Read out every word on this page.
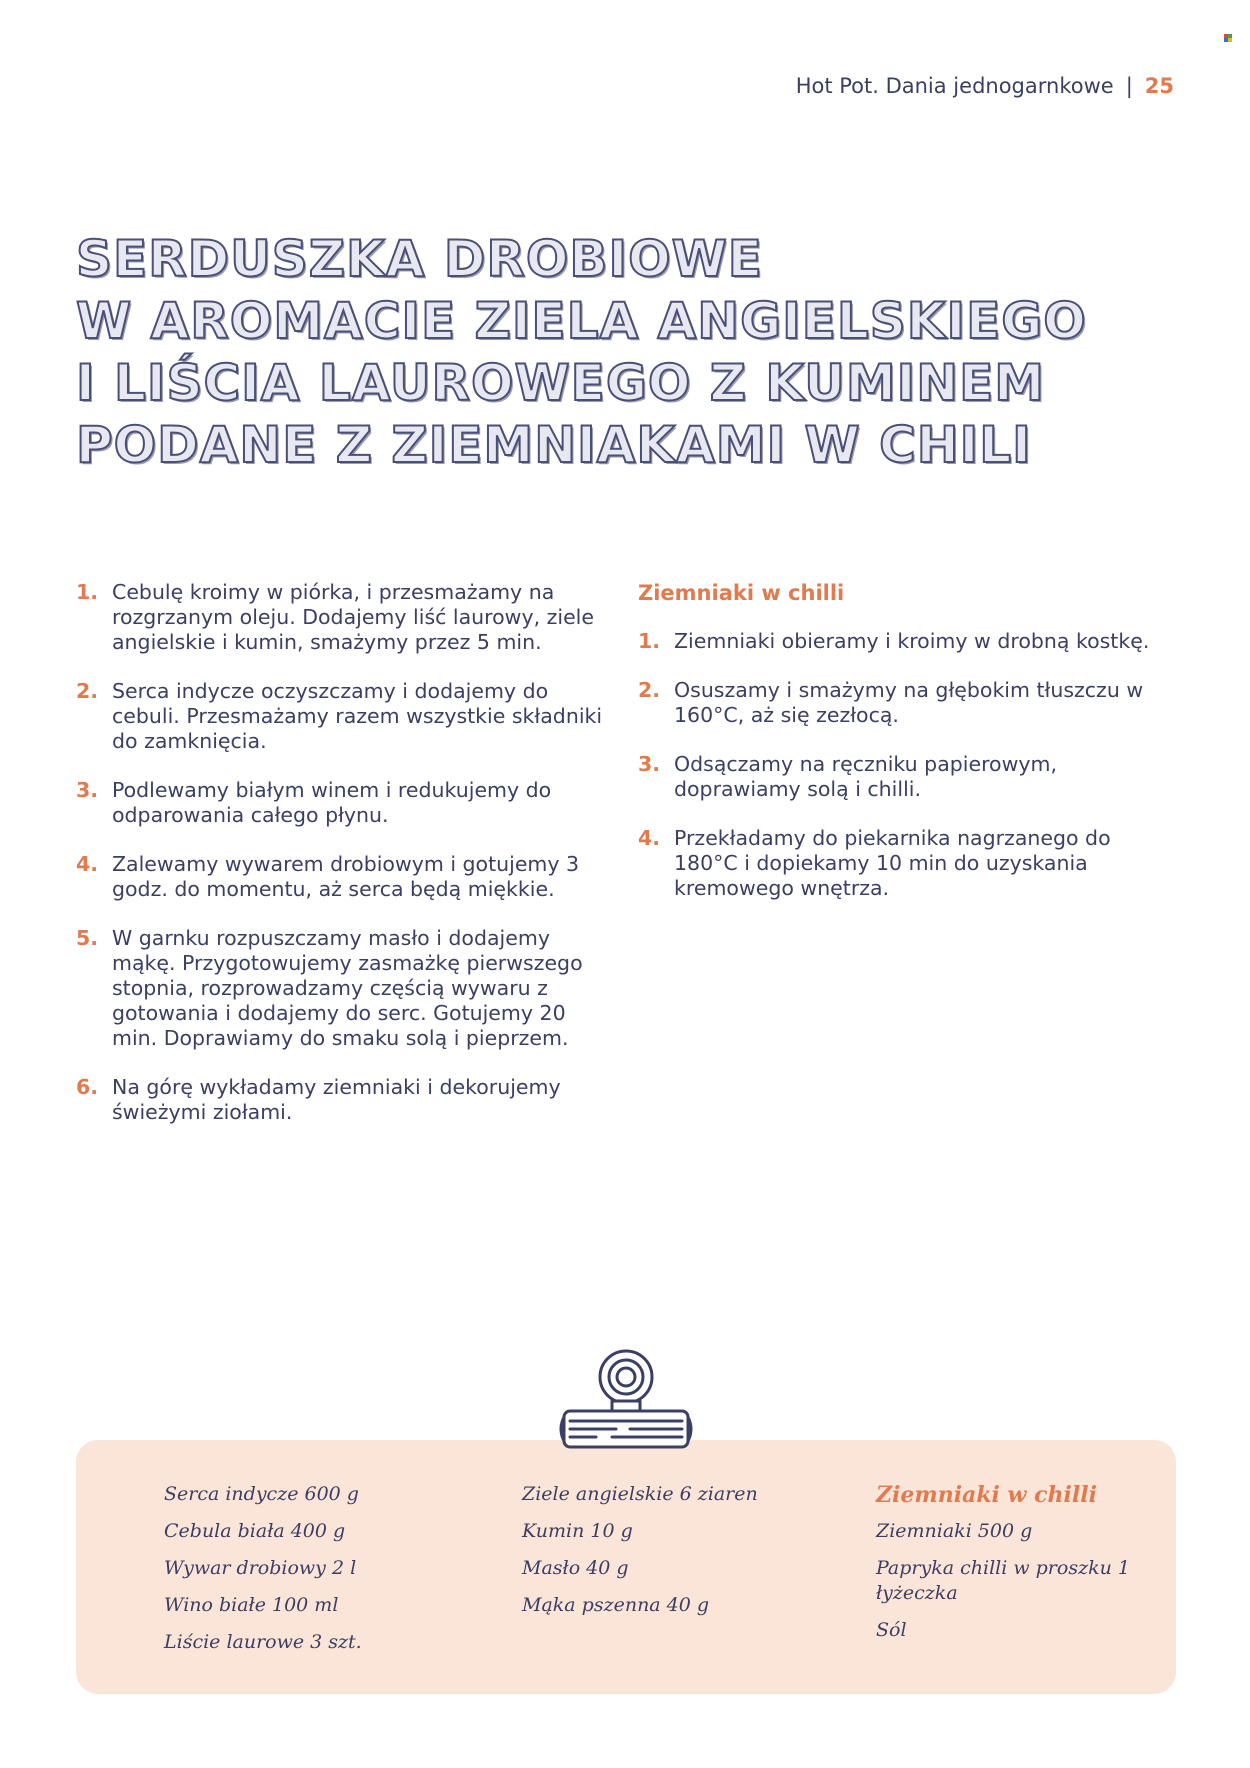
Hot Pot. Dania jednogarnkowe | 25
SERDUSZKA DROBIOWE
W AROMACIE ZIELA ANGIELSKIEGO
I LIŚCIA LAUROWEGO Z KUMINEM
PODANE Z ZIEMNIAKAMI W CHILI
1. Cebulę kroimy w piórka, i przesmażamy na rozgrzanym oleju. Dodajemy liść laurowy, ziele angielskie i kumin, smażymy przez 5 min.
2. Serca indycze oczyszczamy i dodajemy do cebuli. Przesmażamy razem wszystkie składniki do zamknięcia.
3. Podlewamy białym winem i redukujemy do odparowania całego płynu.
4. Zalewamy wywarem drobiowym i gotujemy 3 godz. do momentu, aż serca będą miękkie.
5. W garnku rozpuszczamy masło i dodajemy mąkę. Przygotowujemy zasmażkę pierwszego stopnia, rozprowadzamy częścią wywaru z gotowania i dodajemy do serc. Gotujemy 20 min. Doprawiamy do smaku solą i pieprzem.
6. Na górę wykładamy ziemniaki i dekorujemy świeżymi ziołami.
Ziemniaki w chilli
1. Ziemniaki obieramy i kroimy w drobną kostkę.
2. Osuszamy i smażymy na głębokim tłuszczu w 160°C, aż się zezłocą.
3. Odsączamy na ręczniku papierowym, doprawiamy solą i chilli.
4. Przekładamy do piekarnika nagrzanego do 180°C i dopiekamy 10 min do uzyskania kremowego wnętrza.
Serca indycze 600 g
Cebula biała 400 g
Wywar drobiowy 2 l
Wino białe 100 ml
Liście laurowe 3 szt.
Ziele angielskie 6 ziaren
Kumin 10 g
Masło 40 g
Mąka pszenna 40 g
Ziemniaki w chilli
Ziemniaki 500 g
Papryka chilli w proszku 1 łyżeczka
Sól
